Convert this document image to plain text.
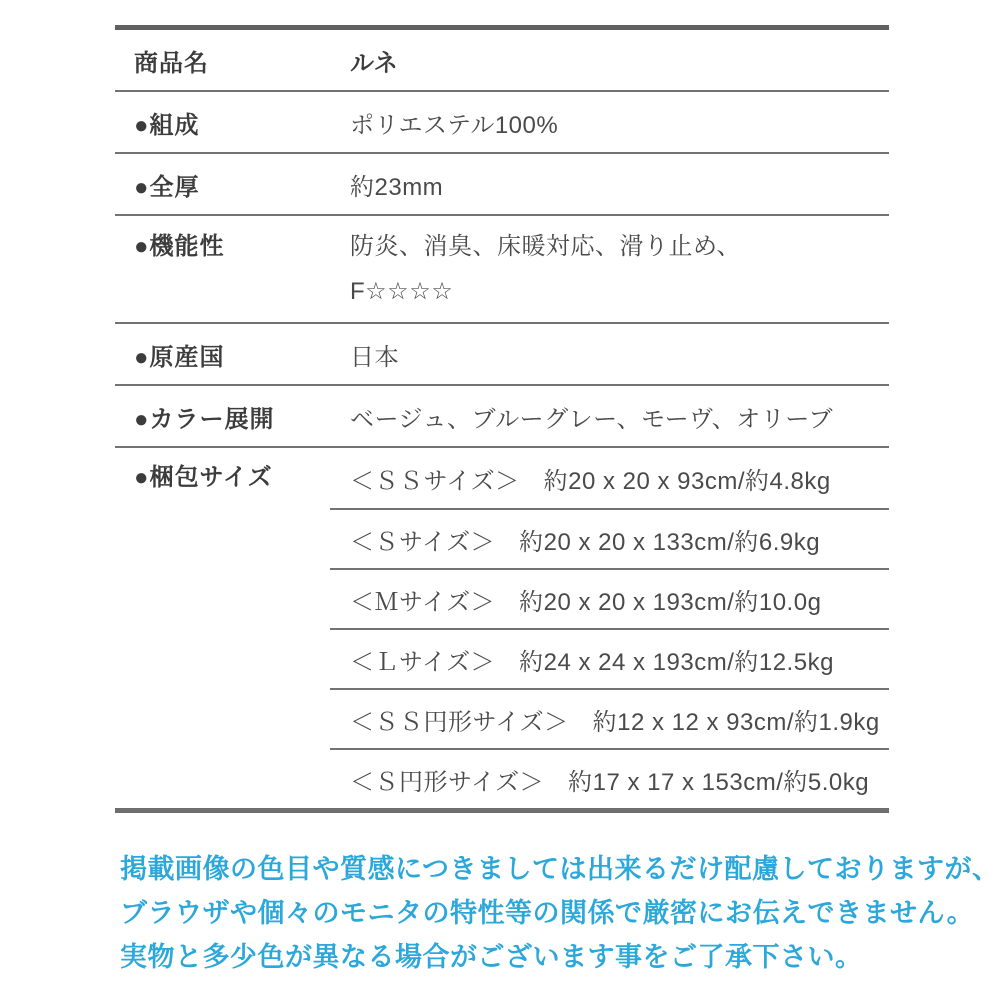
商品名	ルネ
●組成	ポリエステル100%
●全厚	約23mm
●機能性	防炎、消臭、床暖対応、滑り止め、
F☆☆☆☆
●原産国	日本
●カラー展開	ベージュ、ブルーグレー、モーヴ、オリーブ
●梱包サイズ	＜ＳＳサイズ＞ 約20 x 20 x 93cm/約4.8kg
＜Ｓサイズ＞ 約20 x 20 x 133cm/約6.9kg
＜Ｍサイズ＞ 約20 x 20 x 193cm/約10.0g
＜Ｌサイズ＞ 約24 x 24 x 193cm/約12.5kg
＜ＳＳ円形サイズ＞ 約12 x 12 x 93cm/約1.9kg
＜Ｓ円形サイズ＞ 約17 x 17 x 153cm/約5.0kg
掲載画像の色目や質感につきましては出来るだけ配慮しておりますが、
ブラウザや個々のモニタの特性等の関係で厳密にお伝えできません。
実物と多少色が異なる場合がございます事をご了承下さい。
